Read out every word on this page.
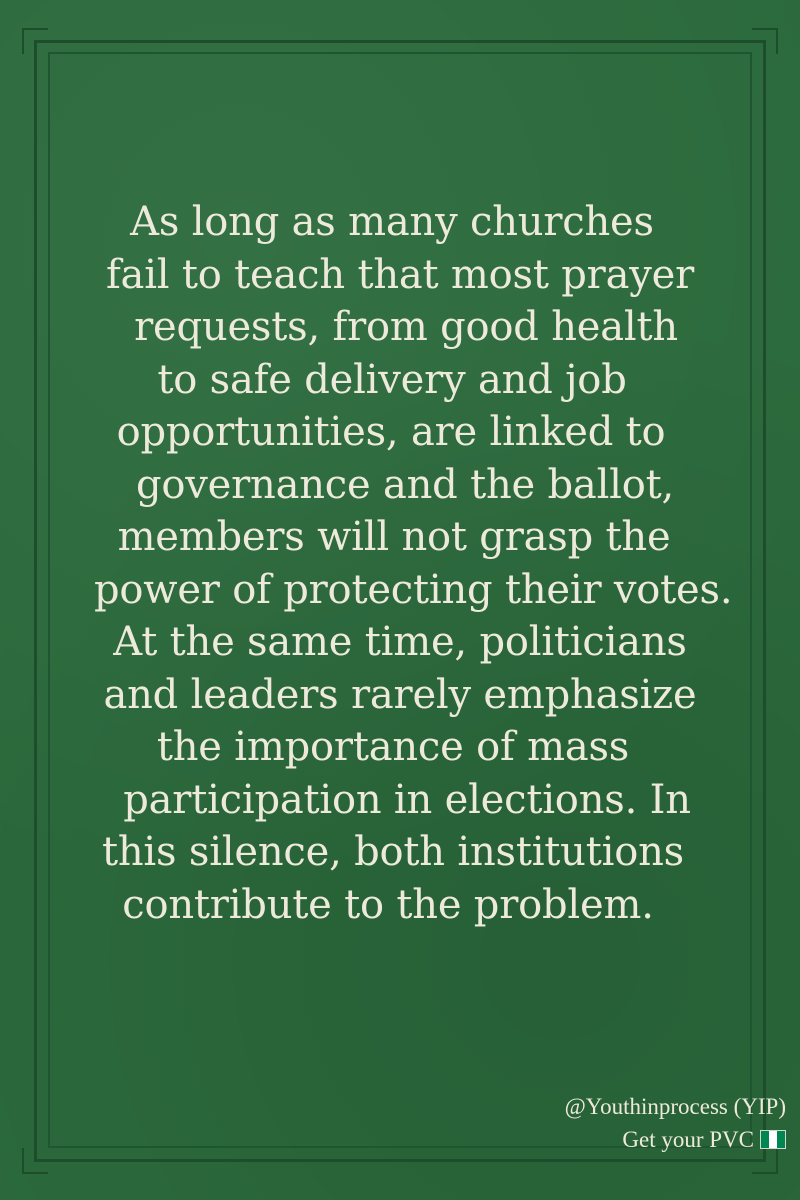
As long as many churches
fail to teach that most prayer
requests, from good health
to safe delivery and job
opportunities, are linked to
governance and the ballot,
members will not grasp the
power of protecting their votes.
At the same time, politicians
and leaders rarely emphasize
the importance of mass
participation in elections. In
this silence, both institutions
contribute to the problem.
@Youthinprocess (YIP)
Get your PVC
